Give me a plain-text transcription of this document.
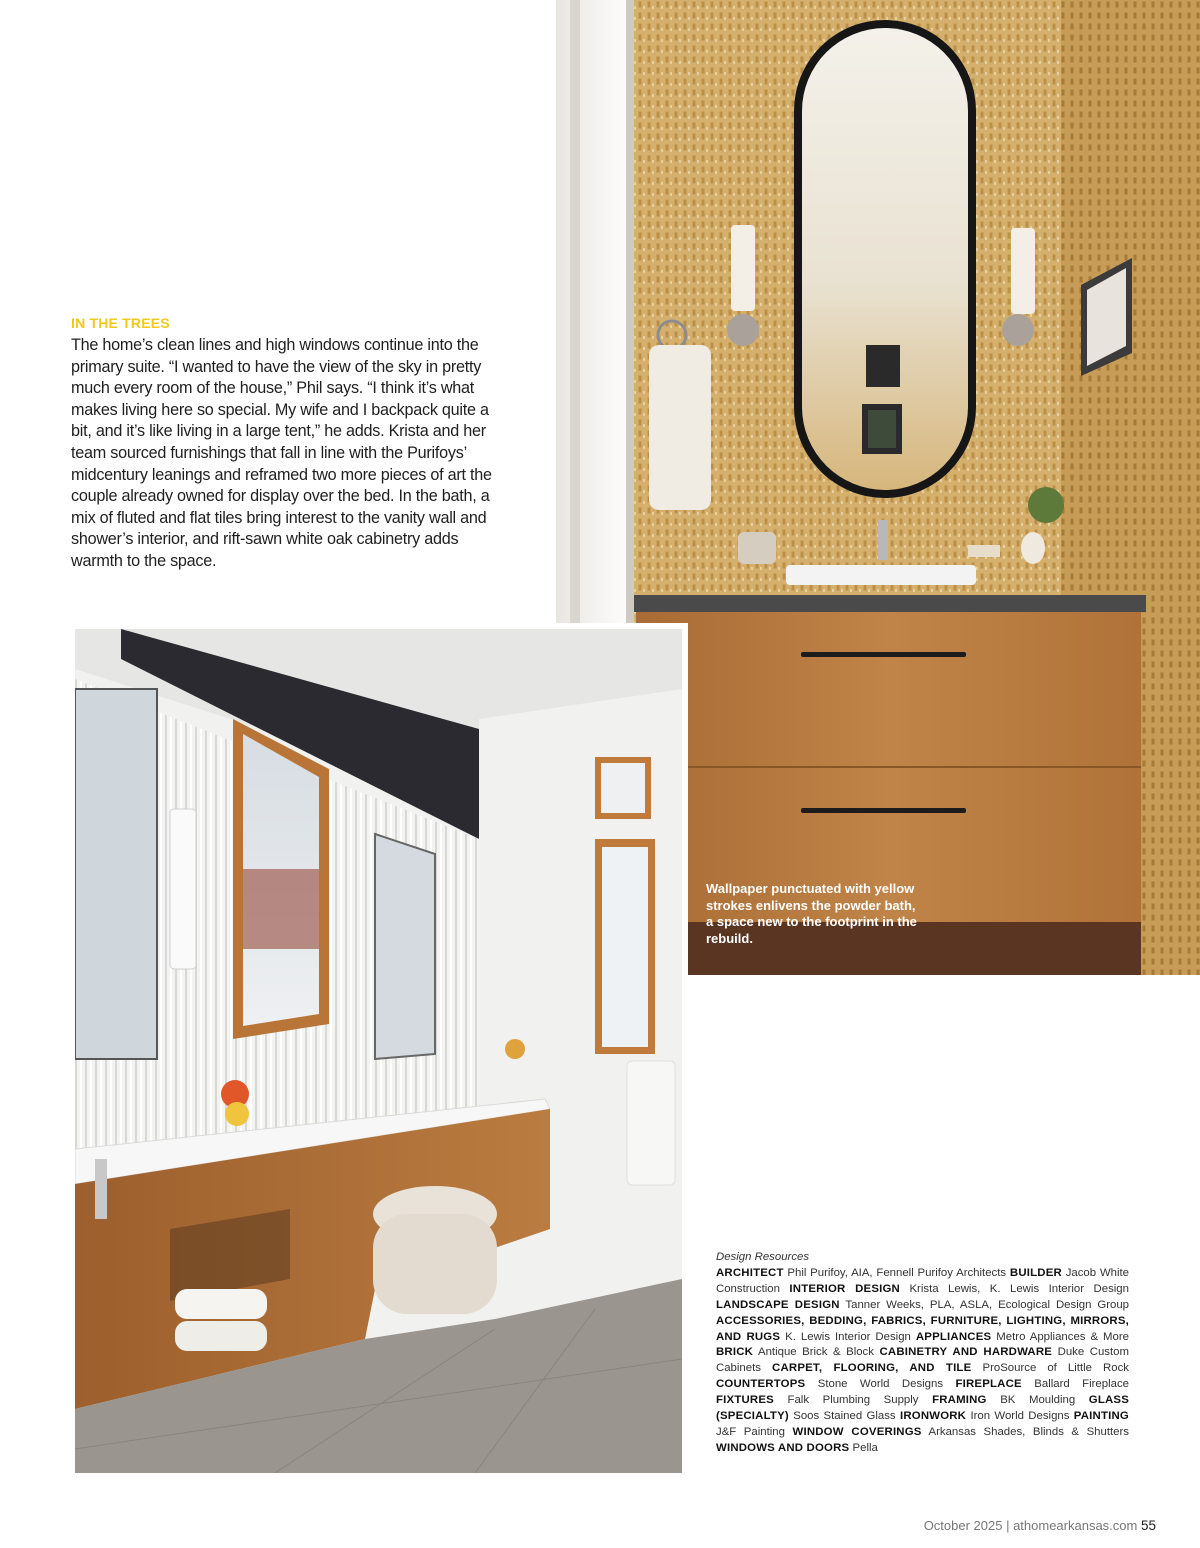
IN THE TREES

The home’s clean lines and high windows continue into the primary suite. “I wanted to have the view of the sky in pretty much every room of the house,” Phil says. “I think it’s what makes living here so special. My wife and I backpack quite a bit, and it’s like living in a large tent,” he adds. Krista and her team sourced furnishings that fall in line with the Purifoys’ midcentury leanings and reframed two more pieces of art the couple already owned for display over the bed. In the bath, a mix of fluted and flat tiles bring interest to the vanity wall and shower’s interior, and rift-sawn white oak cabinetry adds warmth to the space.

Wallpaper punctuated with yellow strokes enlivens the powder bath, a space new to the footprint in the rebuild.

Design Resources
ARCHITECT Phil Purifoy, AIA, Fennell Purifoy Architects BUILDER Jacob White Construction INTERIOR DESIGN Krista Lewis, K. Lewis Interior Design LANDSCAPE DESIGN Tanner Weeks, PLA, ASLA, Ecological Design Group ACCESSORIES, BEDDING, FABRICS, FURNITURE, LIGHTING, MIRRORS, AND RUGS K. Lewis Interior Design APPLIANCES Metro Appliances & More BRICK Antique Brick & Block CABINETRY AND HARDWARE Duke Custom Cabinets CARPET, FLOORING, AND TILE ProSource of Little Rock COUNTERTOPS Stone World Designs FIREPLACE Ballard Fireplace FIXTURES Falk Plumbing Supply FRAMING BK Moulding GLASS (SPECIALTY) Soos Stained Glass IRONWORK Iron World Designs PAINTING J&F Painting WINDOW COVERINGS Arkansas Shades, Blinds & Shutters WINDOWS AND DOORS Pella
October 2025 | athomearkansas.com 55
